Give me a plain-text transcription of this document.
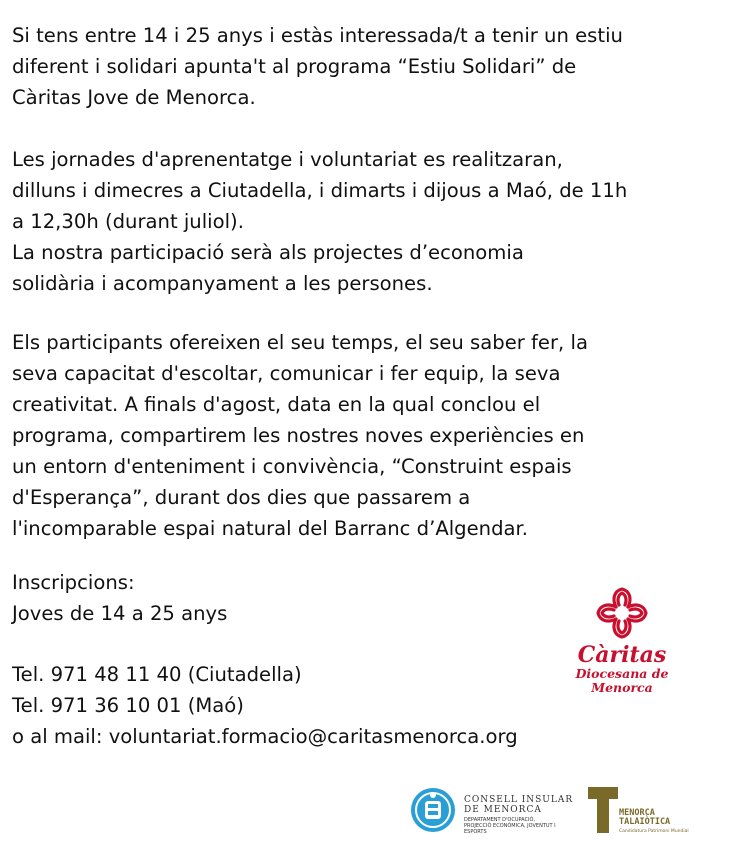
Si tens entre 14 i 25 anys i estàs interessada/t a tenir un estiu
diferent i solidari apunta't al programa “Estiu Solidari” de
Càritas Jove de Menorca.
Les jornades d'aprenentatge i voluntariat es realitzaran,
dilluns i dimecres a Ciutadella, i dimarts i dijous a Maó, de 11h
a 12,30h (durant juliol).
La nostra participació serà als projectes d’economia
solidària i acompanyament a les persones.
Els participants ofereixen el seu temps, el seu saber fer, la
seva capacitat d'escoltar, comunicar i fer equip, la seva
creativitat. A finals d'agost, data en la qual conclou el
programa, compartirem les nostres noves experiències en
un entorn d'enteniment i convivència, “Construint espais
d'Esperança”, durant dos dies que passarem a
l'incomparable espai natural del Barranc d’Algendar.
Inscripcions:
Joves de 14 a 25 anys
Tel. 971 48 11 40 (Ciutadella)
Tel. 971 36 10 01 (Maó)
o al mail: voluntariat.formacio@caritasmenorca.org
Càritas
Diocesana de
Menorca
CONSELL INSULAR
DE MENORCA
DEPARTAMENT D'OCUPACIÓ,
PROJECCIÓ ECONÒMICA, JOVENTUT I
ESPORTS
MENORCA
TALAIÒTICA
Candidatura Patrimoni Mundial
